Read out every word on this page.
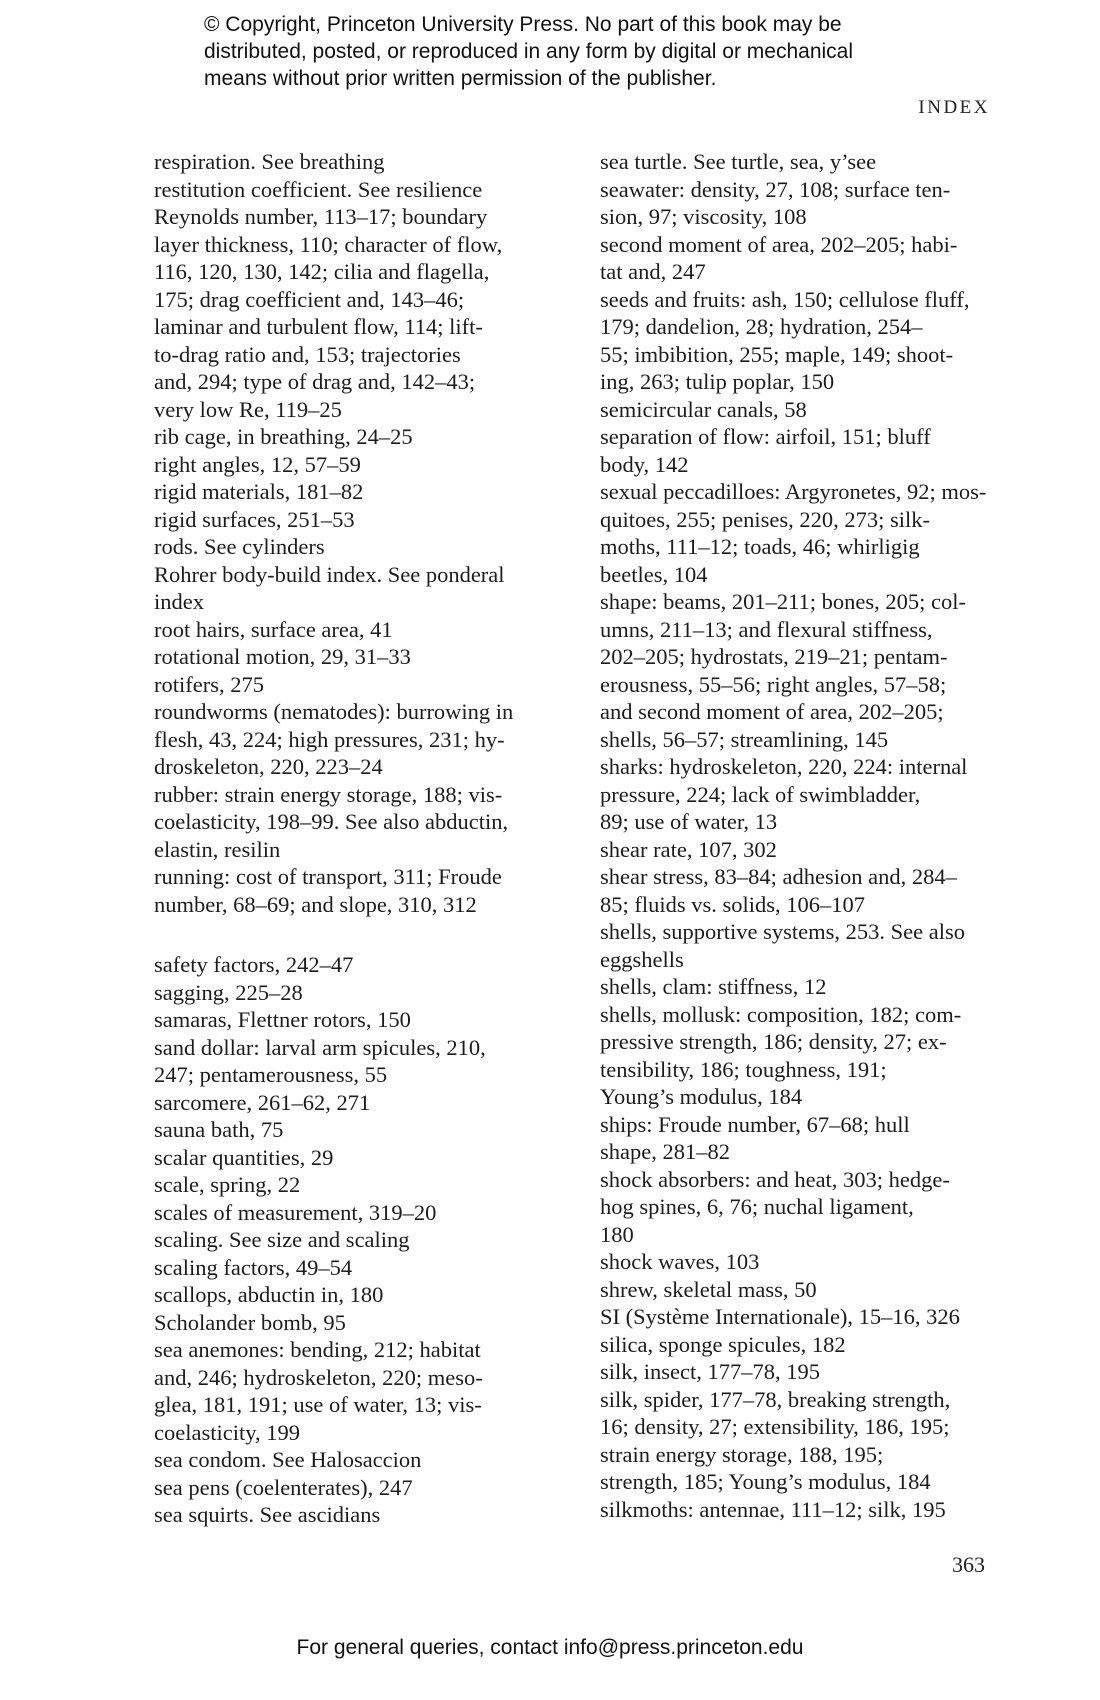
© Copyright, Princeton University Press. No part of this book may be
distributed, posted, or reproduced in any form by digital or mechanical
means without prior written permission of the publisher.
INDEX
respiration. See breathing
restitution coefficient. See resilience
Reynolds number, 113–17; boundary
layer thickness, 110; character of flow,
116, 120, 130, 142; cilia and flagella,
175; drag coefficient and, 143–46;
laminar and turbulent flow, 114; lift-
to-drag ratio and, 153; trajectories
and, 294; type of drag and, 142–43;
very low Re, 119–25
rib cage, in breathing, 24–25
right angles, 12, 57–59
rigid materials, 181–82
rigid surfaces, 251–53
rods. See cylinders
Rohrer body-build index. See ponderal
index
root hairs, surface area, 41
rotational motion, 29, 31–33
rotifers, 275
roundworms (nematodes): burrowing in
flesh, 43, 224; high pressures, 231; hy-
droskeleton, 220, 223–24
rubber: strain energy storage, 188; vis-
coelasticity, 198–99. See also abductin,
elastin, resilin
running: cost of transport, 311; Froude
number, 68–69; and slope, 310, 312
safety factors, 242–47
sagging, 225–28
samaras, Flettner rotors, 150
sand dollar: larval arm spicules, 210,
247; pentamerousness, 55
sarcomere, 261–62, 271
sauna bath, 75
scalar quantities, 29
scale, spring, 22
scales of measurement, 319–20
scaling. See size and scaling
scaling factors, 49–54
scallops, abductin in, 180
Scholander bomb, 95
sea anemones: bending, 212; habitat
and, 246; hydroskeleton, 220; meso-
glea, 181, 191; use of water, 13; vis-
coelasticity, 199
sea condom. See Halosaccion
sea pens (coelenterates), 247
sea squirts. See ascidians
sea turtle. See turtle, sea, y’see
seawater: density, 27, 108; surface ten-
sion, 97; viscosity, 108
second moment of area, 202–205; habi-
tat and, 247
seeds and fruits: ash, 150; cellulose fluff,
179; dandelion, 28; hydration, 254–
55; imbibition, 255; maple, 149; shoot-
ing, 263; tulip poplar, 150
semicircular canals, 58
separation of flow: airfoil, 151; bluff
body, 142
sexual peccadilloes: Argyronetes, 92; mos-
quitoes, 255; penises, 220, 273; silk-
moths, 111–12; toads, 46; whirligig
beetles, 104
shape: beams, 201–211; bones, 205; col-
umns, 211–13; and flexural stiffness,
202–205; hydrostats, 219–21; pentam-
erousness, 55–56; right angles, 57–58;
and second moment of area, 202–205;
shells, 56–57; streamlining, 145
sharks: hydroskeleton, 220, 224: internal
pressure, 224; lack of swimbladder,
89; use of water, 13
shear rate, 107, 302
shear stress, 83–84; adhesion and, 284–
85; fluids vs. solids, 106–107
shells, supportive systems, 253. See also
eggshells
shells, clam: stiffness, 12
shells, mollusk: composition, 182; com-
pressive strength, 186; density, 27; ex-
tensibility, 186; toughness, 191;
Young’s modulus, 184
ships: Froude number, 67–68; hull
shape, 281–82
shock absorbers: and heat, 303; hedge-
hog spines, 6, 76; nuchal ligament,
180
shock waves, 103
shrew, skeletal mass, 50
SI (Système Internationale), 15–16, 326
silica, sponge spicules, 182
silk, insect, 177–78, 195
silk, spider, 177–78, breaking strength,
16; density, 27; extensibility, 186, 195;
strain energy storage, 188, 195;
strength, 185; Young’s modulus, 184
silkmoths: antennae, 111–12; silk, 195
363
For general queries, contact info@press.princeton.edu
